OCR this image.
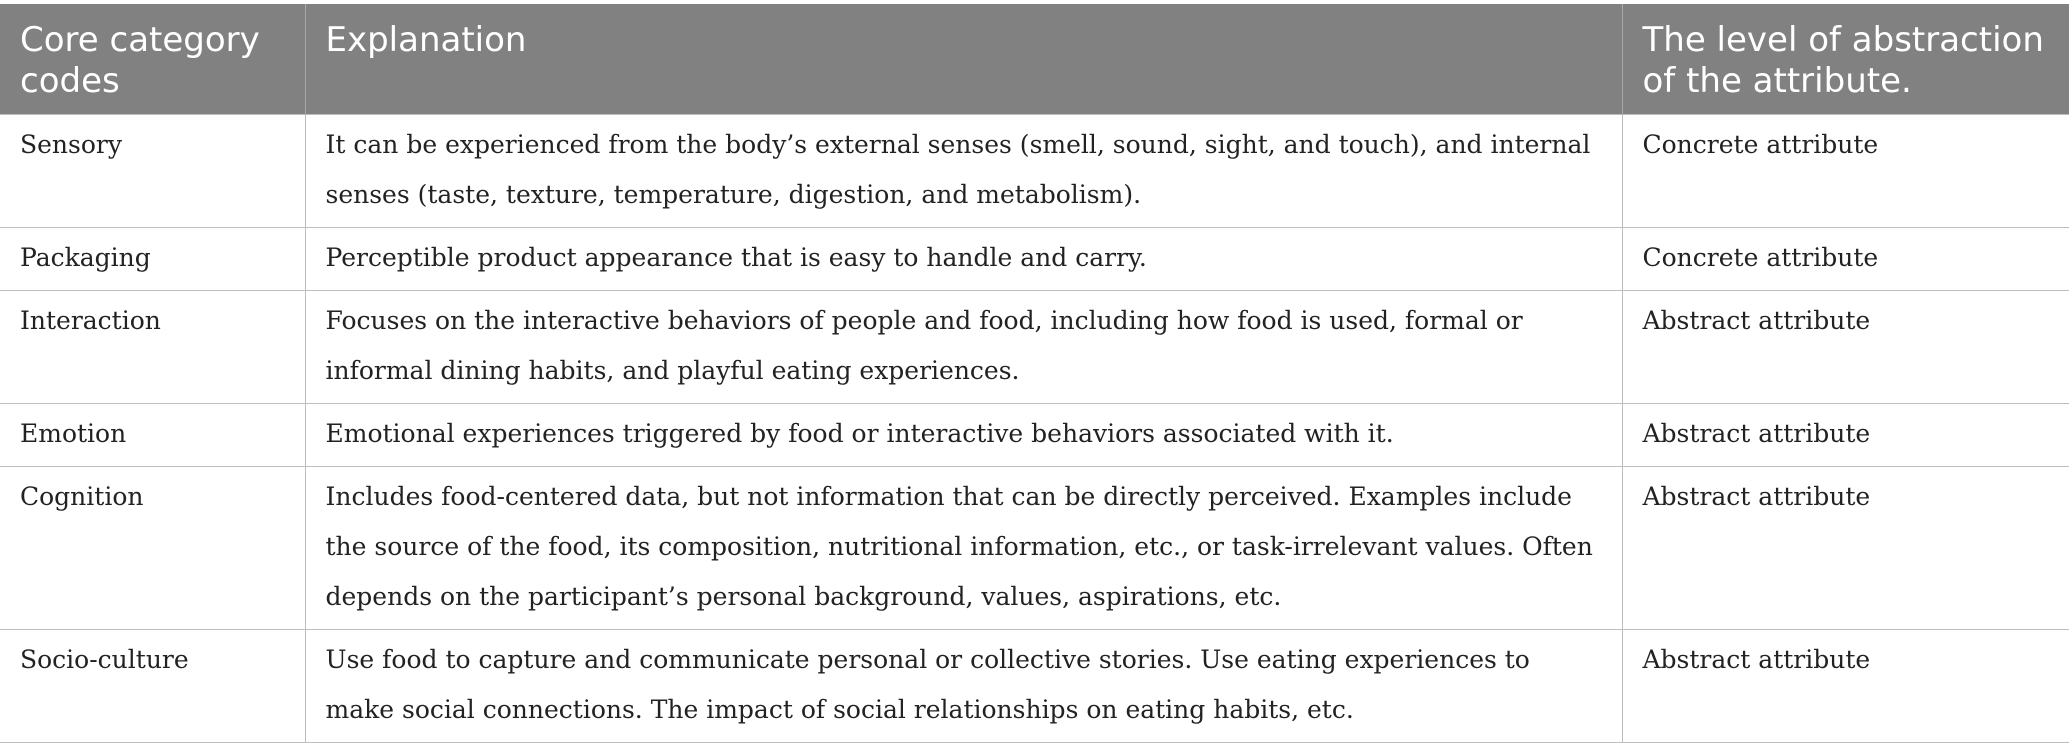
Core category codes	Explanation	The level of abstraction of the attribute.
Sensory	It can be experienced from the body’s external senses (smell, sound, sight, and touch), and internal senses (taste, texture, temperature, digestion, and metabolism).	Concrete attribute
Packaging	Perceptible product appearance that is easy to handle and carry.	Concrete attribute
Interaction	Focuses on the interactive behaviors of people and food, including how food is used, formal or informal dining habits, and playful eating experiences.	Abstract attribute
Emotion	Emotional experiences triggered by food or interactive behaviors associated with it.	Abstract attribute
Cognition	Includes food-centered data, but not information that can be directly perceived. Examples include the source of the food, its composition, nutritional information, etc., or task-irrelevant values. Often depends on the participant’s personal background, values, aspirations, etc.	Abstract attribute
Socio-culture	Use food to capture and communicate personal or collective stories. Use eating experiences to make social connections. The impact of social relationships on eating habits, etc.	Abstract attribute
